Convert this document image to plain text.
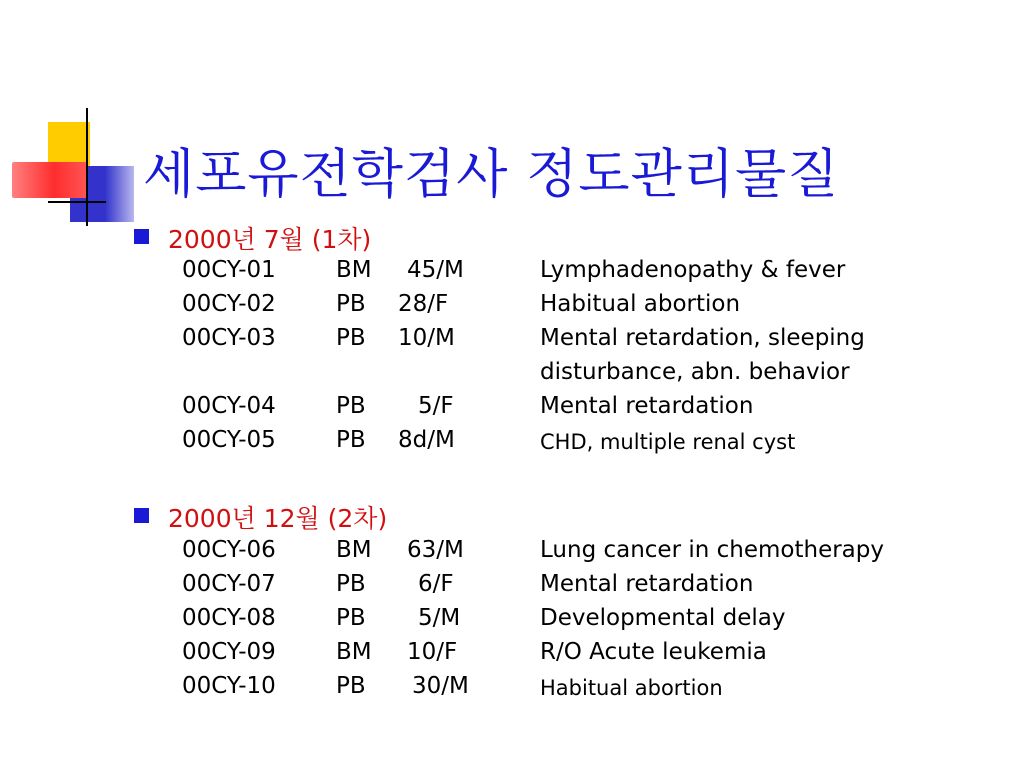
세포유전학검사 정도관리물질
2000년 7월 (1차)
00CY-01	BM 45/M	Lymphadenopathy & fever
00CY-02	PB 28/F	Habitual abortion
00CY-03	PB 10/M	Mental retardation, sleeping
disturbance, abn. behavior
00CY-04	PB 5/F	Mental retardation
00CY-05	PB 8d/M	CHD, multiple renal cyst
2000년 12월 (2차)
00CY-06	BM 63/M	Lung cancer in chemotherapy
00CY-07	PB 6/F	Mental retardation
00CY-08	PB 5/M	Developmental delay
00CY-09	BM 10/F	R/O Acute leukemia
00CY-10	PB 30/M	Habitual abortion
